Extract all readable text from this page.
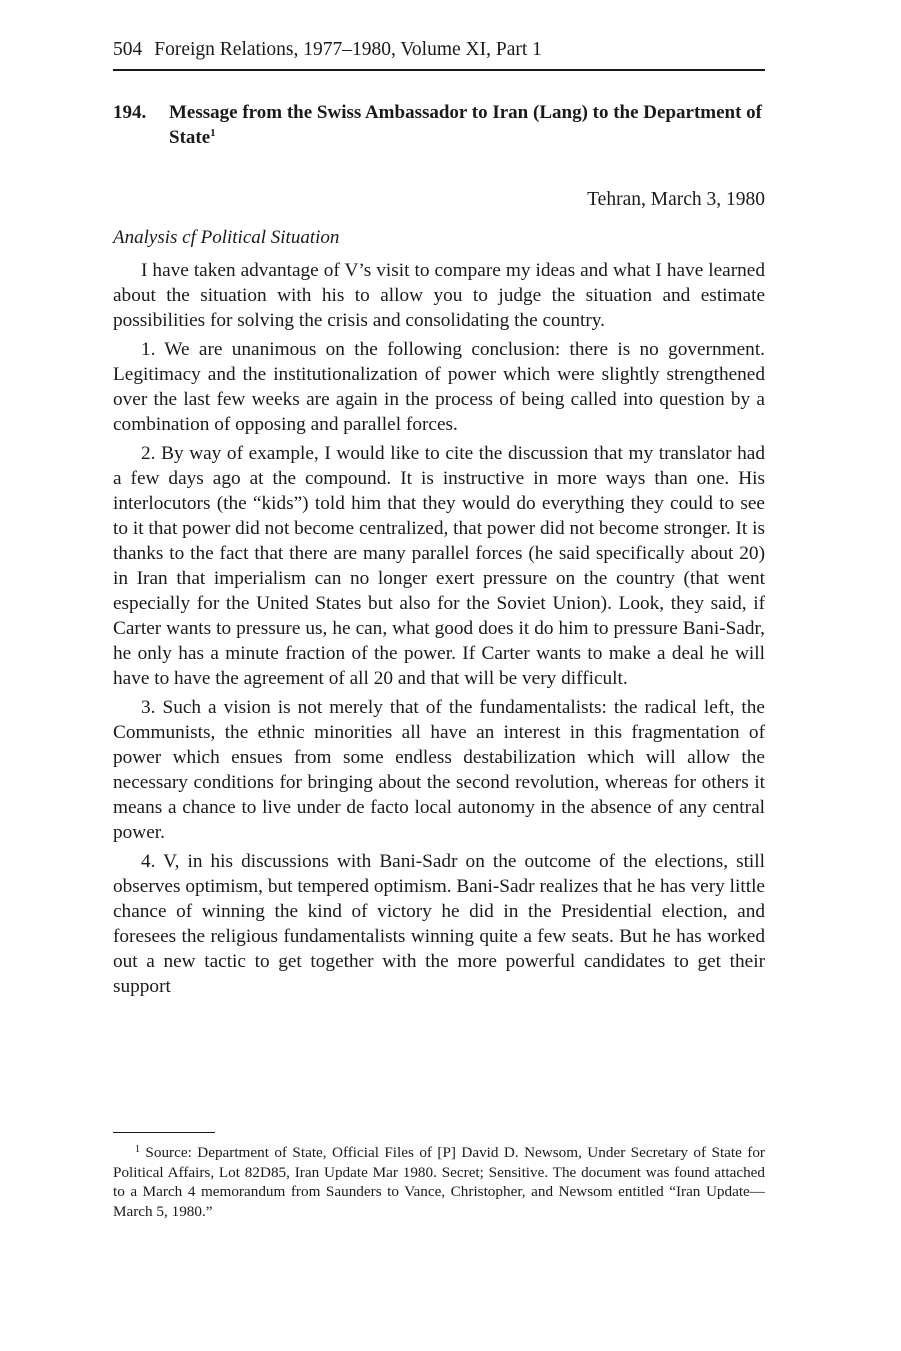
504 Foreign Relations, 1977–1980, Volume XI, Part 1
194. Message from the Swiss Ambassador to Iran (Lang) to the Department of State$^1$
Tehran, March 3, 1980
Analysis cf Political Situation

I have taken advantage of V’s visit to compare my ideas and what I have learned about the situation with his to allow you to judge the situation and estimate possibilities for solving the crisis and consolidating the country.

1. We are unanimous on the following conclusion: there is no government. Legitimacy and the institutionalization of power which were slightly strengthened over the last few weeks are again in the process of being called into question by a combination of opposing and parallel forces.

2. By way of example, I would like to cite the discussion that my translator had a few days ago at the compound. It is instructive in more ways than one. His interlocutors (the “kids”) told him that they would do everything they could to see to it that power did not become centralized, that power did not become stronger. It is thanks to the fact that there are many parallel forces (he said specifically about 20) in Iran that imperialism can no longer exert pressure on the country (that went especially for the United States but also for the Soviet Union). Look, they said, if Carter wants to pressure us, he can, what good does it do him to pressure Bani-Sadr, he only has a minute fraction of the power. If Carter wants to make a deal he will have to have the agreement of all 20 and that will be very difficult.

3. Such a vision is not merely that of the fundamentalists: the radical left, the Communists, the ethnic minorities all have an interest in this fragmentation of power which ensues from some endless destabilization which will allow the necessary conditions for bringing about the second revolution, whereas for others it means a chance to live under de facto local autonomy in the absence of any central power.

4. V, in his discussions with Bani-Sadr on the outcome of the elections, still observes optimism, but tempered optimism. Bani-Sadr realizes that he has very little chance of winning the kind of victory he did in the Presidential election, and foresees the religious fundamentalists winning quite a few seats. But he has worked out a new tactic to get together with the more powerful candidates to get their support

$^1$ Source: Department of State, Official Files of [P] David D. Newsom, Under Secretary of State for Political Affairs, Lot 82D85, Iran Update Mar 1980. Secret; Sensitive. The document was found attached to a March 4 memorandum from Saunders to Vance, Christopher, and Newsom entitled “Iran Update—March 5, 1980.”
